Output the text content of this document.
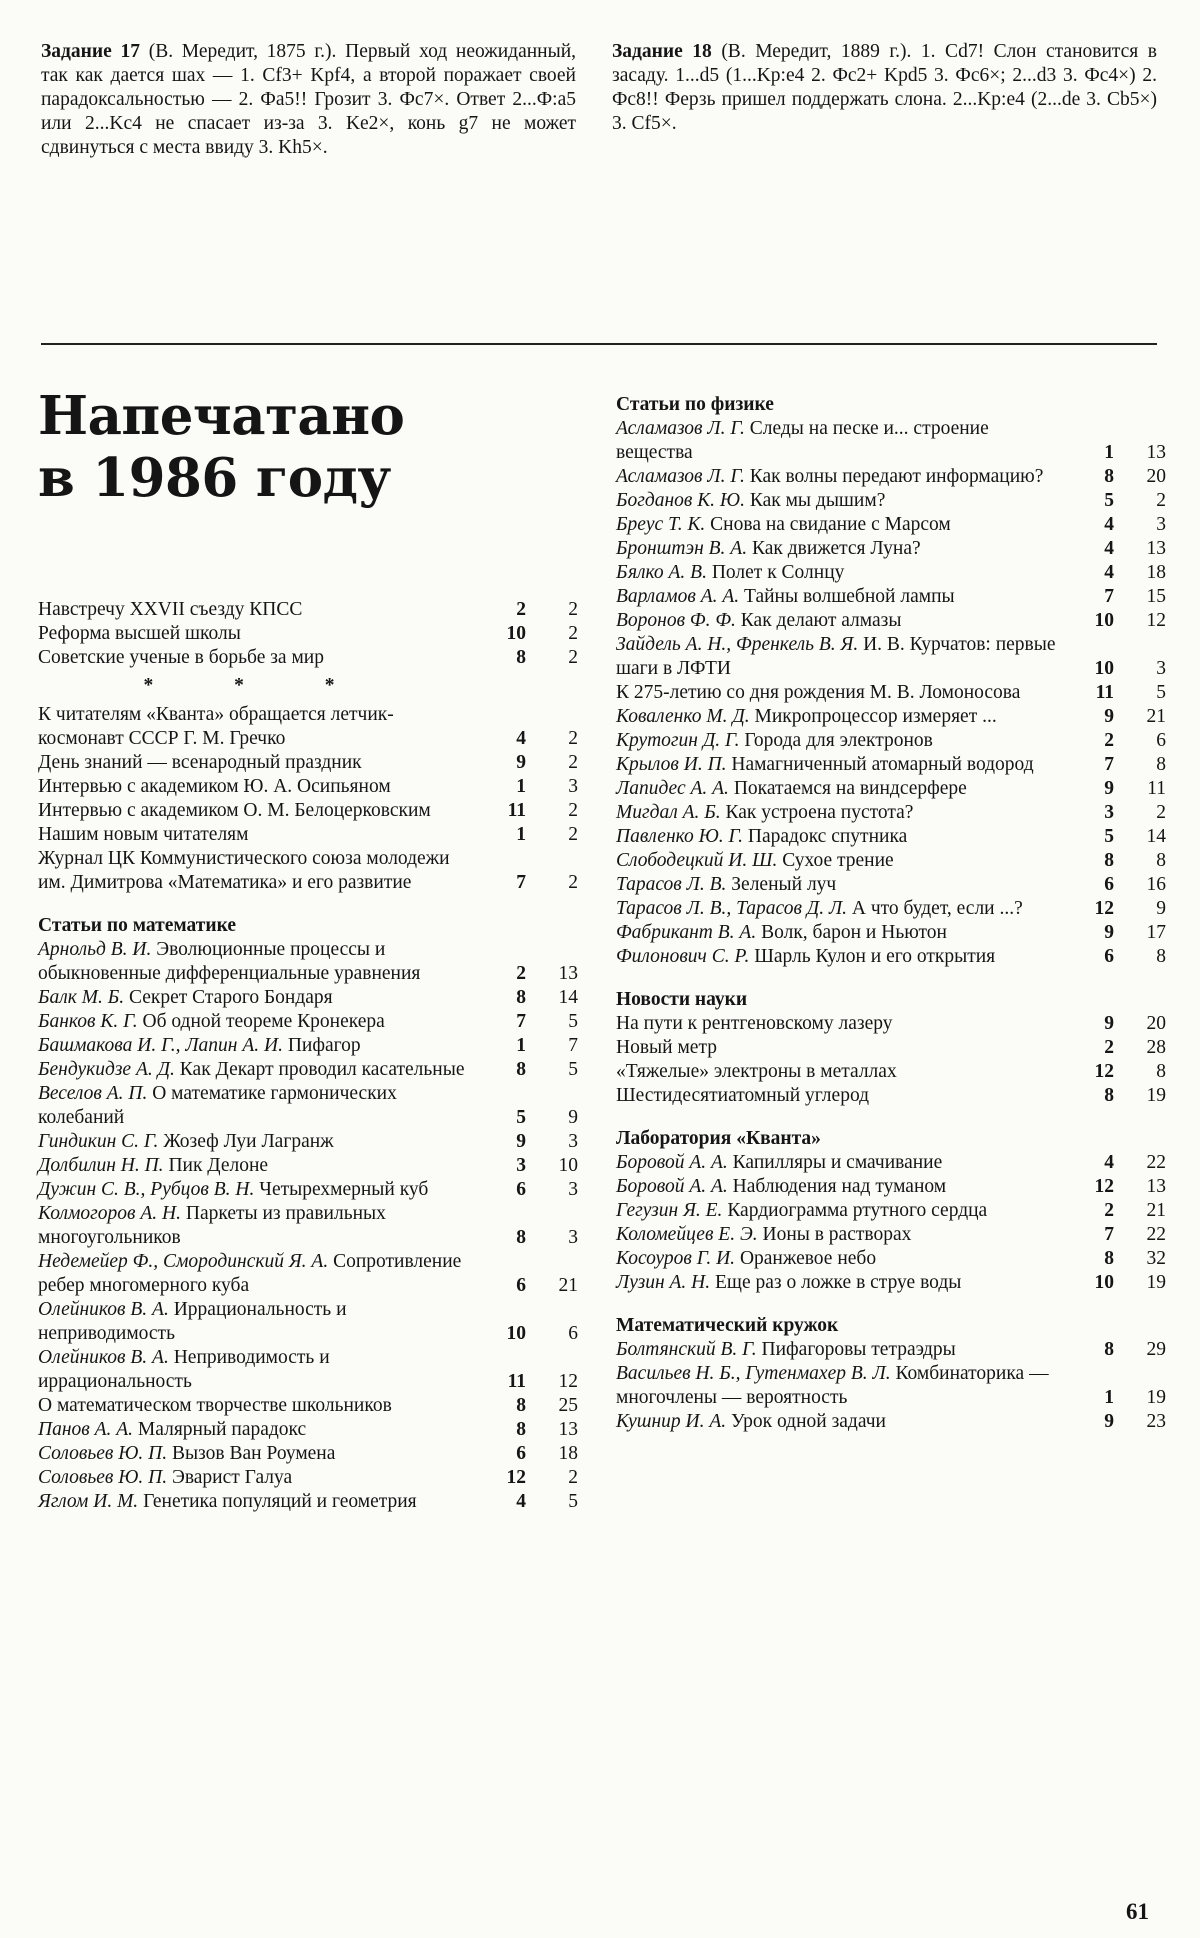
Задание 17 (В. Мередит, 1875 г.). Первый ход неожиданный, так как дается шах — 1. Cf3+ Kpf4, а второй поражает своей парадоксальностью — 2. Фа5!! Грозит 3. Фс7×. Ответ 2...Ф:а5 или 2...Kc4 не спасает из-за 3. Ke2×, конь g7 не может сдвинуться с места ввиду 3. Kh5×.
Задание 18 (В. Мередит, 1889 г.). 1. Cd7! Слон становится в засаду. 1...d5 (1...Kp:e4 2. Фс2+ Kpd5 3. Фс6×; 2...d3 3. Фс4×) 2. Фс8!! Ферзь пришел поддержать слона. 2...Kp:e4 (2...de 3. Cb5×) 3. Cf5×.
Напечатано
в 1986 году
Навстречу XXVII съезду КПСС	2	2
Реформа высшей школы	10	2
Советские ученые в борьбе за мир	8	2
* * *
К читателям «Кванта» обращается летчик-космонавт СССР Г. М. Гречко	4	2
День знаний — всенародный праздник	9	2
Интервью с академиком Ю. А. Осипьяном	1	3
Интервью с академиком О. М. Белоцерковским	11	2
Нашим новым читателям	1	2
Журнал ЦК Коммунистического союза молодежи им. Димитрова «Математика» и его развитие	7	2
Статьи по математике
Арнольд В. И. Эволюционные процессы и обыкновенные дифференциальные уравнения	2	13
Балк М. Б. Секрет Старого Бондаря	8	14
Банков К. Г. Об одной теореме Кронекера	7	5
Башмакова И. Г., Лапин А. И. Пифагор	1	7
Бендукидзе А. Д. Как Декарт проводил касательные	8	5
Веселов А. П. О математике гармонических колебаний	5	9
Гиндикин С. Г. Жозеф Луи Лагранж	9	3
Долбилин Н. П. Пик Делоне	3	10
Дужин С. В., Рубцов В. Н. Четырехмерный куб	6	3
Колмогоров А. Н. Паркеты из правильных многоугольников	8	3
Недемейер Ф., Смородинский Я. А. Сопротивление ребер многомерного куба	6	21
Олейников В. А. Иррациональность и неприводимость	10	6
Олейников В. А. Неприводимость и иррациональность	11	12
О математическом творчестве школьников	8	25
Панов А. А. Малярный парадокс	8	13
Соловьев Ю. П. Вызов Ван Роумена	6	18
Соловьев Ю. П. Эварист Галуа	12	2
Яглом И. М. Генетика популяций и геометрия	4	5
Статьи по физике
Асламазов Л. Г. Следы на песке и... строение вещества	1	13
Асламазов Л. Г. Как волны передают информацию?	8	20
Богданов К. Ю. Как мы дышим?	5	2
Бреус Т. К. Снова на свидание с Марсом	4	3
Бронштэн В. А. Как движется Луна?	4	13
Бялко А. В. Полет к Солнцу	4	18
Варламов А. А. Тайны волшебной лампы	7	15
Воронов Ф. Ф. Как делают алмазы	10	12
Зайдель А. Н., Френкель В. Я. И. В. Курчатов: первые шаги в ЛФТИ	10	3
К 275-летию со дня рождения М. В. Ломоносова	11	5
Коваленко М. Д. Микропроцессор измеряет ...	9	21
Крутогин Д. Г. Города для электронов	2	6
Крылов И. П. Намагниченный атомарный водород	7	8
Лапидес А. А. Покатаемся на виндсерфере	9	11
Мигдал А. Б. Как устроена пустота?	3	2
Павленко Ю. Г. Парадокс спутника	5	14
Слободецкий И. Ш. Сухое трение	8	8
Тарасов Л. В. Зеленый луч	6	16
Тарасов Л. В., Тарасов Д. Л. А что будет, если ...?	12	9
Фабрикант В. А. Волк, барон и Ньютон	9	17
Филонович С. Р. Шарль Кулон и его открытия	6	8
Новости науки
На пути к рентгеновскому лазеру	9	20
Новый метр	2	28
«Тяжелые» электроны в металлах	12	8
Шестидесятиатомный углерод	8	19
Лаборатория «Кванта»
Боровой А. А. Капилляры и смачивание	4	22
Боровой А. А. Наблюдения над туманом	12	13
Гегузин Я. Е. Кардиограмма ртутного сердца	2	21
Коломейцев Е. Э. Ионы в растворах	7	22
Косоуров Г. И. Оранжевое небо	8	32
Лузин А. Н. Еще раз о ложке в струе воды	10	19
Математический кружок
Болтянский В. Г. Пифагоровы тетраэдры	8	29
Васильев Н. Б., Гутенмахер В. Л. Комбинаторика — многочлены — вероятность	1	19
Кушнир И. А. Урок одной задачи	9	23
61
